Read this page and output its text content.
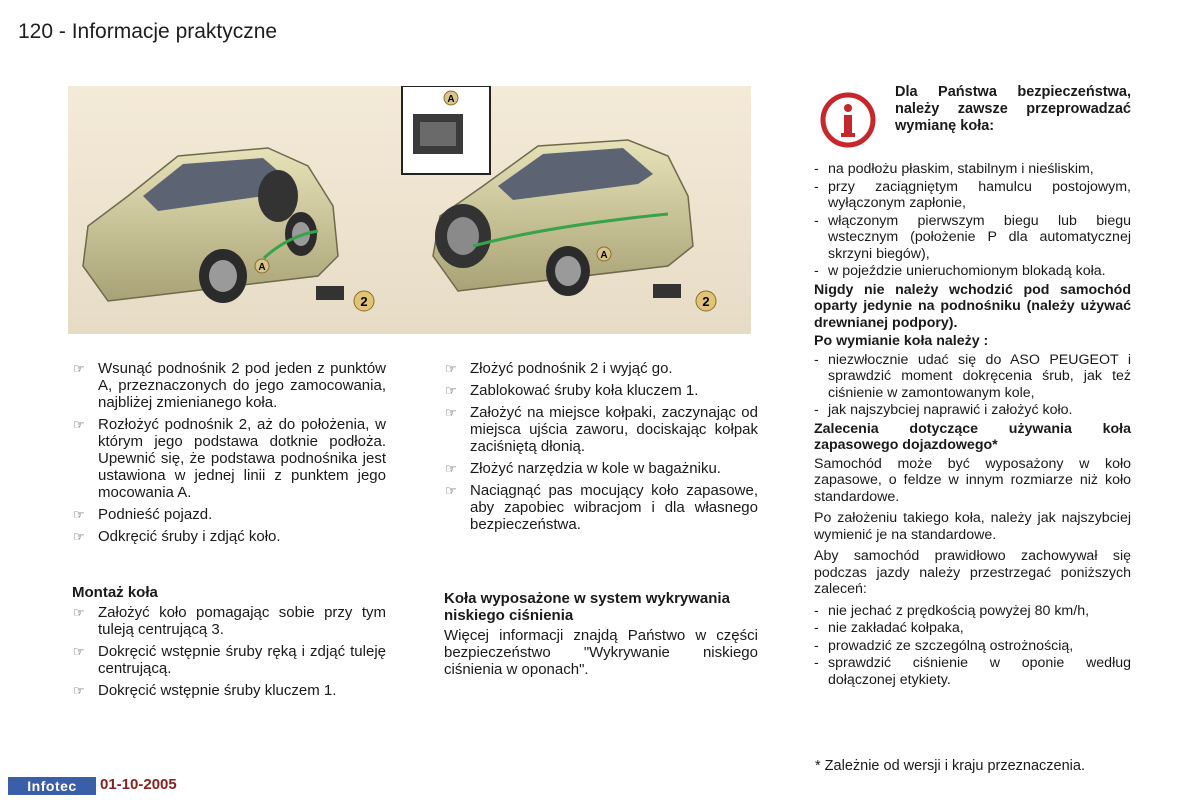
120 - Informacje praktyczne
A
A
A
2	2
☞ Wsunąć podnośnik 2 pod jeden z punktów A, przeznaczonych do jego zamocowania, najbliżej zmienianego koła.
☞ Rozłożyć podnośnik 2, aż do położenia, w którym jego podstawa dotknie podłoża. Upewnić się, że podstawa podnośnika jest ustawiona w jednej linii z punktem jego mocowania A.
☞ Podnieść pojazd.
☞ Odkręcić śruby i zdjąć koło.
Montaż koła
☞ Założyć koło pomagając sobie przy tym tuleją centrującą 3.
☞ Dokręcić wstępnie śruby ręką i zdjąć tuleję centrującą.
☞ Dokręcić wstępnie śruby kluczem 1.
☞ Złożyć podnośnik 2 i wyjąć go.
☞ Zablokować śruby koła kluczem 1.
☞ Założyć na miejsce kołpaki, zaczynając od miejsca ujścia zaworu, dociskając kołpak zaciśniętą dłonią.
☞ Złożyć narzędzia w kole w bagażniku.
☞ Naciągnąć pas mocujący koło zapasowe, aby zapobiec wibracjom i dla własnego bezpieczeństwa.
Koła wyposażone w system wykrywania niskiego ciśnienia
Więcej informacji znajdą Państwo w części bezpieczeństwo "Wykrywanie niskiego ciśnienia w oponach".
Dla Państwa bezpieczeństwa, należy zawsze przeprowadzać wymianę koła:
- na podłożu płaskim, stabilnym i nieśliskim,
- przy zaciągniętym hamulcu postojowym, wyłączonym zapłonie,
- włączonym pierwszym biegu lub biegu wstecznym (położenie P dla automatycznej skrzyni biegów),
- w pojeździe unieruchomionym blokadą koła.
Nigdy nie należy wchodzić pod samochód oparty jedynie na podnośniku (należy używać drewnianej podpory).
Po wymianie koła należy :
- niezwłocznie udać się do ASO PEUGEOT i sprawdzić moment dokręcenia śrub, jak też ciśnienie w zamontowanym kole,
- jak najszybciej naprawić i założyć koło.
Zalecenia dotyczące używania koła zapasowego dojazdowego*
Samochód może być wyposażony w koło zapasowe, o feldze w innym rozmiarze niż koło standardowe.
Po założeniu takiego koła, należy jak najszybciej wymienić je na standardowe.
Aby samochód prawidłowo zachowywał się podczas jazdy należy przestrzegać poniższych zaleceń:
- nie jechać z prędkością powyżej 80 km/h,
- nie zakładać kołpaka,
- prowadzić ze szczególną ostrożnością,
- sprawdzić ciśnienie w oponie według dołączonej etykiety.
* Zależnie od wersji i kraju przeznaczenia.
Infotec	01-10-2005
